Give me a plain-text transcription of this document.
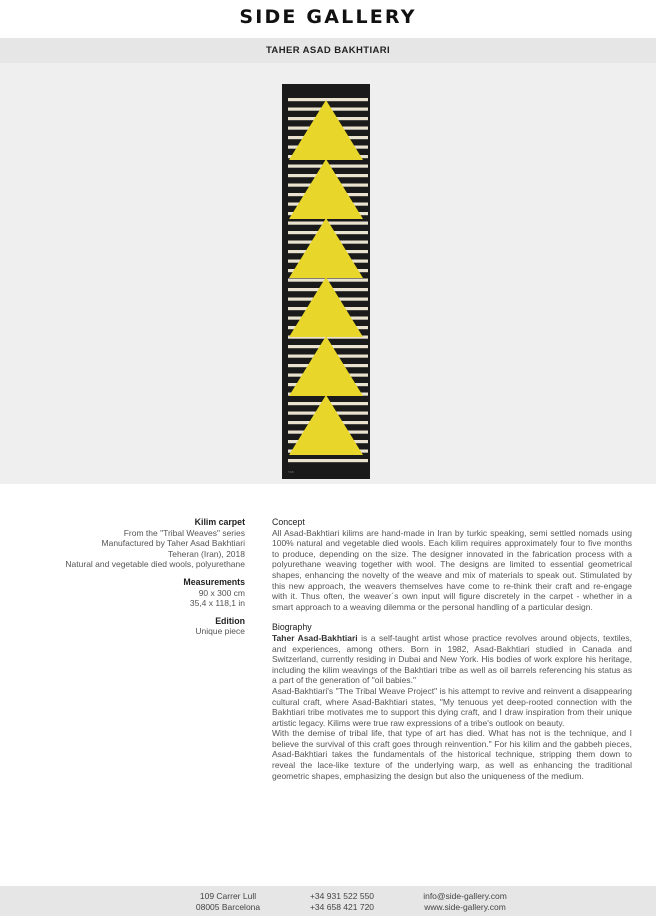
SIDE GALLERY
TAHER ASAD BAKHTIARI
TAB
Kilim carpet
From the "Tribal Weaves" series
Manufactured by Taher Asad Bakhtiari
Teheran (Iran), 2018
Natural and vegetable died wools, polyurethane
Measurements
90 x 300 cm
35,4 x 118,1 in
Edition
Unique piece
Concept

All Asad-Bakhtiari kilims are hand-made in Iran by turkic speaking, semi settled nomads using 100% natural and vegetable died wools. Each kilim requires approximately four to five months to produce, depending on the size. The designer innovated in the fabrication process with a polyurethane weaving together with wool. The designs are limited to essential geometrical shapes, enhancing the novelty of the weave and mix of materials to speak out. Stimulated by this new approach, the weavers themselves have come to re-think their craft and re-engage with it. Thus often, the weaver´s own input will figure discretely in the carpet - whether in a smart approach to a weaving dilemma or the personal handling of a particular design.

Biography

Taher Asad-Bakhtiari is a self-taught artist whose practice revolves around objects, textiles, and experiences, among others. Born in 1982, Asad-Bakhtiari studied in Canada and Switzerland, currently residing in Dubai and New York. His bodies of work explore his heritage, including the kilim weavings of the Bakhtiari tribe as well as oil barrels referencing his status as a part of the generation of "oil babies."

Asad-Bakhtiari's "The Tribal Weave Project" is his attempt to revive and reinvent a disappearing cultural craft, where Asad-Bakhtiari states, "My tenuous yet deep-rooted connection with the Bakhtiari tribe motivates me to support this dying craft, and I draw inspiration from their unique artistic legacy. Kilims were true raw expressions of a tribe's outlook on beauty.

With the demise of tribal life, that type of art has died. What has not is the technique, and I believe the survival of this craft goes through reinvention." For his kilim and the gabbeh pieces, Asad-Bakhtiari takes the fundamentals of the historical technique, stripping them down to reveal the lace-like texture of the underlying warp, as well as enhancing the traditional geometric shapes, emphasizing the design but also the uniqueness of the medium.

109 Carrer Lull
08005 Barcelona
+34 931 522 550
+34 658 421 720
info@side-gallery.com
www.side-gallery.com
